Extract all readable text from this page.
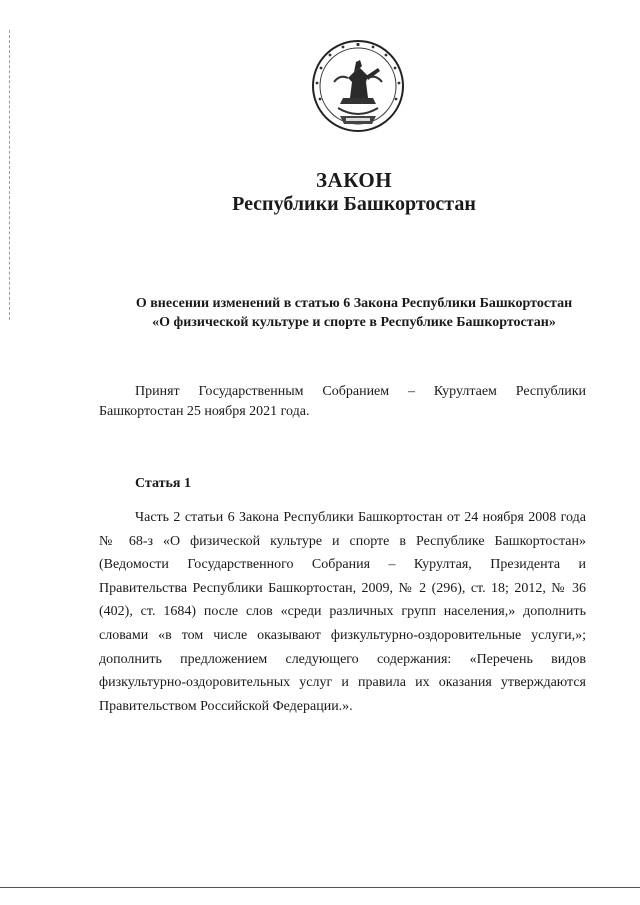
ЗАКОН
Республики Башкортостан
О внесении изменений в статью 6 Закона Республики Башкортостан
«О физической культуре и спорте в Республике Башкортостан»
Принят Государственным Собранием – Курултаем Республики Башкортостан 25 ноября 2021 года.
Статья 1
Часть 2 статьи 6 Закона Республики Башкортостан от 24 ноября 2008 года № 68-з «О физической культуре и спорте в Республике Башкортостан» (Ведомости Государственного Собрания – Курултая, Президента и Правительства Республики Башкортостан, 2009, № 2 (296), ст. 18; 2012, № 36 (402), ст. 1684) после слов «среди различных групп населения,» дополнить словами «в том числе оказывают физкультурно-оздоровительные услуги,»; дополнить предложением следующего содержания: «Перечень видов физкультурно-оздоровительных услуг и правила их оказания утверждаются Правительством Российской Федерации.».
